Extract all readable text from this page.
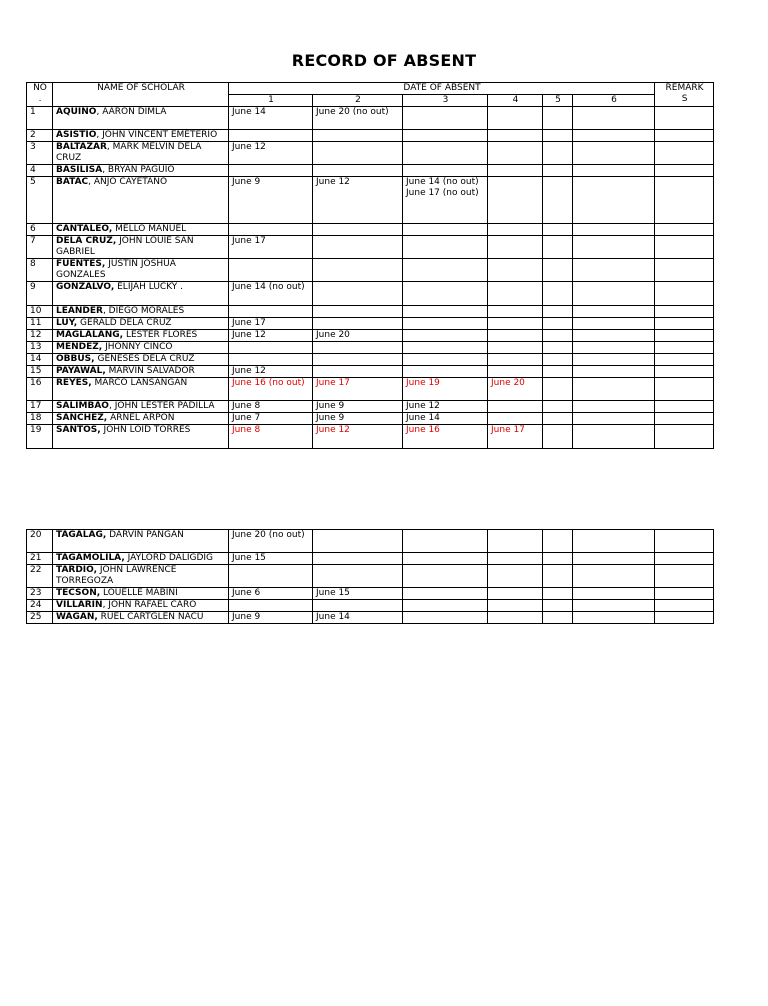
RECORD OF ABSENT
NO
.	NAME OF SCHOLAR	DATE OF ABSENT						REMARK
S
		1	2	3	4	5	6	
1	AQUINO, AARON DIMLA	June 14	June 20 (no out)					
2	ASISTIO, JOHN VINCENT EMETERIO							
3	BALTAZAR, MARK MELVIN DELA CRUZ	June 12						
4	BASILISA, BRYAN PAGUIO							
5	BATAC, ANJO CAYETANO	June 9	June 12	June 14 (no out)
June 17 (no out)				
6	CANTALEO, MELLO MANUEL							
7	DELA CRUZ, JOHN LOUIE SAN GABRIEL	June 17						
8	FUENTES, JUSTIN JOSHUA GONZALES							
9	GONZALVO, ELIJAH LUCKY .	June 14 (no out)						
10	LEANDER, DIEGO MORALES							
11	LUY, GERALD DELA CRUZ	June 17						
12	MAGLALANG, LESTER FLORES	June 12	June 20					
13	MENDEZ, JHONNY CINCO							
14	OBBUS, GENESES DELA CRUZ							
15	PAYAWAL, MARVIN SALVADOR	June 12						
16	REYES, MARCO LANSANGAN	June 16 (no out)	June 17	June 19	June 20			
17	SALIMBAO, JOHN LESTER PADILLA	June 8	June 9	June 12				
18	SANCHEZ, ARNEL ARPON	June 7	June 9	June 14				
19	SANTOS, JOHN LOID TORRES	June 8	June 12	June 16	June 17			
20	TAGALAG, DARVIN PANGAN	June 20 (no out)						
21	TAGAMOLILA, JAYLORD DALIGDIG	June 15						
22	TARDIO, JOHN LAWRENCE TORREGOZA							
23	TECSON, LOUELLE MABINI	June 6	June 15					
24	VILLARIN, JOHN RAFAEL CARO							
25	WAGAN, RUEL CARTGLEN NACU	June 9	June 14					
